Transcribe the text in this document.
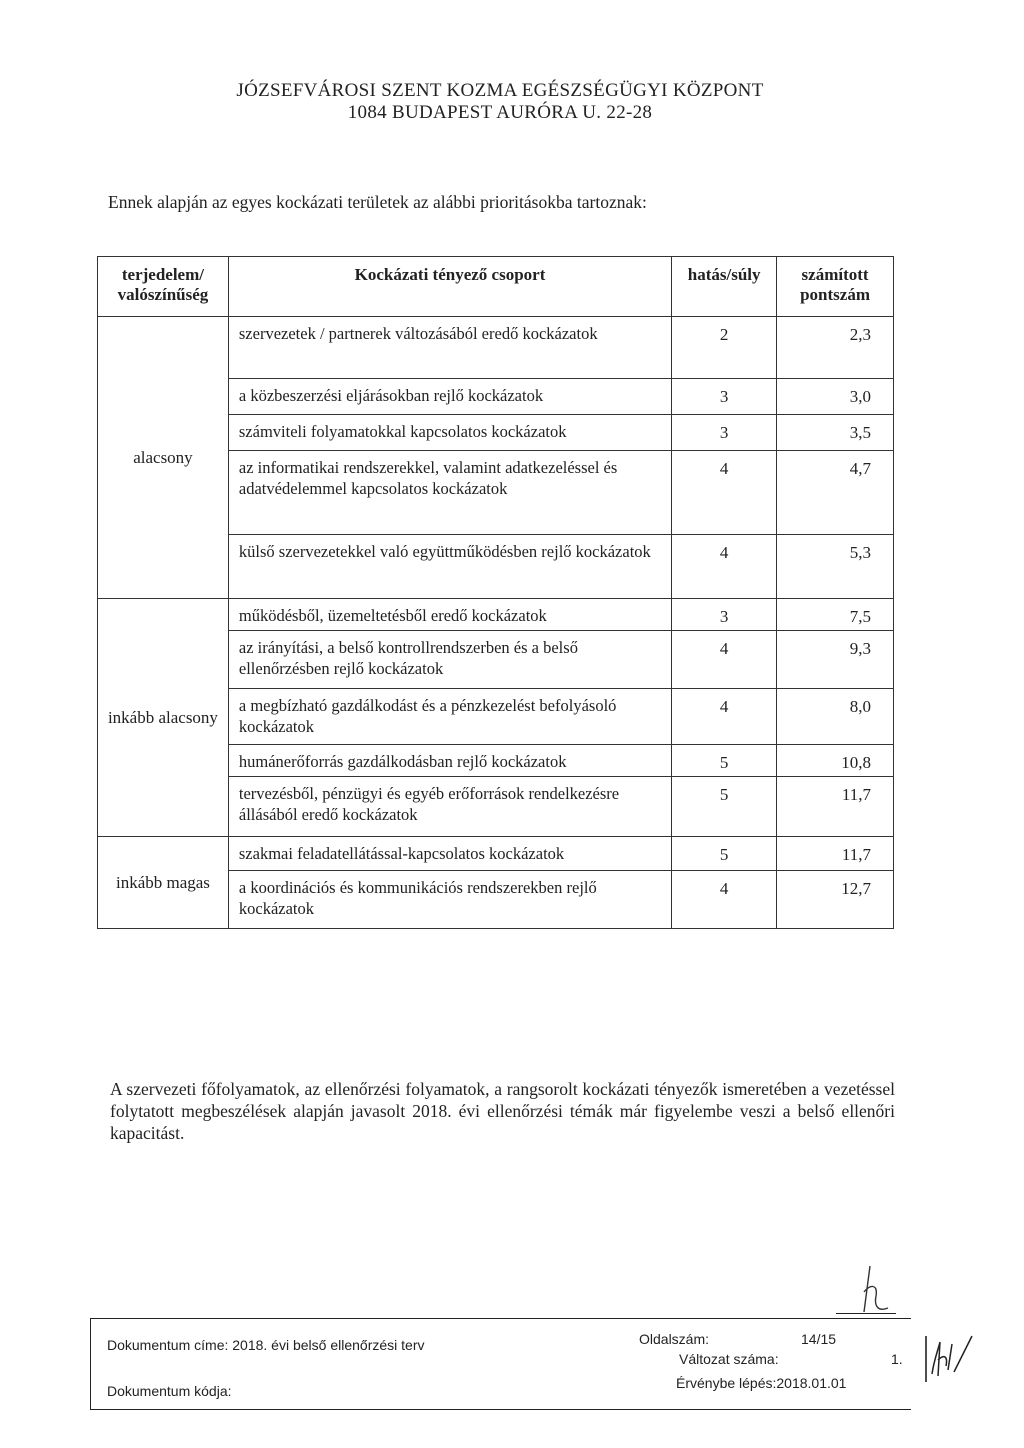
JÓZSEFVÁROSI SZENT KOZMA EGÉSZSÉGÜGYI KÖZPONT
1084 BUDAPEST AURÓRA U. 22-28
Ennek alapján az egyes kockázati területek az alábbi prioritásokba tartoznak:
terjedelem/ valószínűség	Kockázati tényező csoport	hatás/súly	számított pontszám
alacsony	szervezetek / partnerek változásából eredő kockázatok	2	2,3
	a közbeszerzési eljárásokban rejlő kockázatok	3	3,0
	számviteli folyamatokkal kapcsolatos kockázatok	3	3,5
	az informatikai rendszerekkel, valamint adatkezeléssel és adatvédelemmel kapcsolatos kockázatok	4	4,7
	külső szervezetekkel való együttműködésben rejlő kockázatok	4	5,3
inkább alacsony	működésből, üzemeltetésből eredő kockázatok	3	7,5
	az irányítási, a belső kontrollrendszerben és a belső ellenőrzésben rejlő kockázatok	4	9,3
	a megbízható gazdálkodást és a pénzkezelést befolyásoló kockázatok	4	8,0
	humánerőforrás gazdálkodásban rejlő kockázatok	5	10,8
	tervezésből, pénzügyi és egyéb erőforrások rendelkezésre állásából eredő kockázatok	5	11,7
inkább magas	szakmai feladatellátással-kapcsolatos kockázatok	5	11,7
	a koordinációs és kommunikációs rendszerekben rejlő kockázatok	4	12,7
A szervezeti főfolyamatok, az ellenőrzési folyamatok, a rangsorolt kockázati tényezők ismeretében a vezetéssel folytatott megbeszélések alapján javasolt 2018. évi ellenőrzési témák már figyelembe veszi a belső ellenőri kapacitást.
Dokumentum címe: 2018. évi belső ellenőrzési terv
Dokumentum kódja:
Oldalszám:	14/15
Változat száma:	1.
Érvénybe lépés:2018.01.01
